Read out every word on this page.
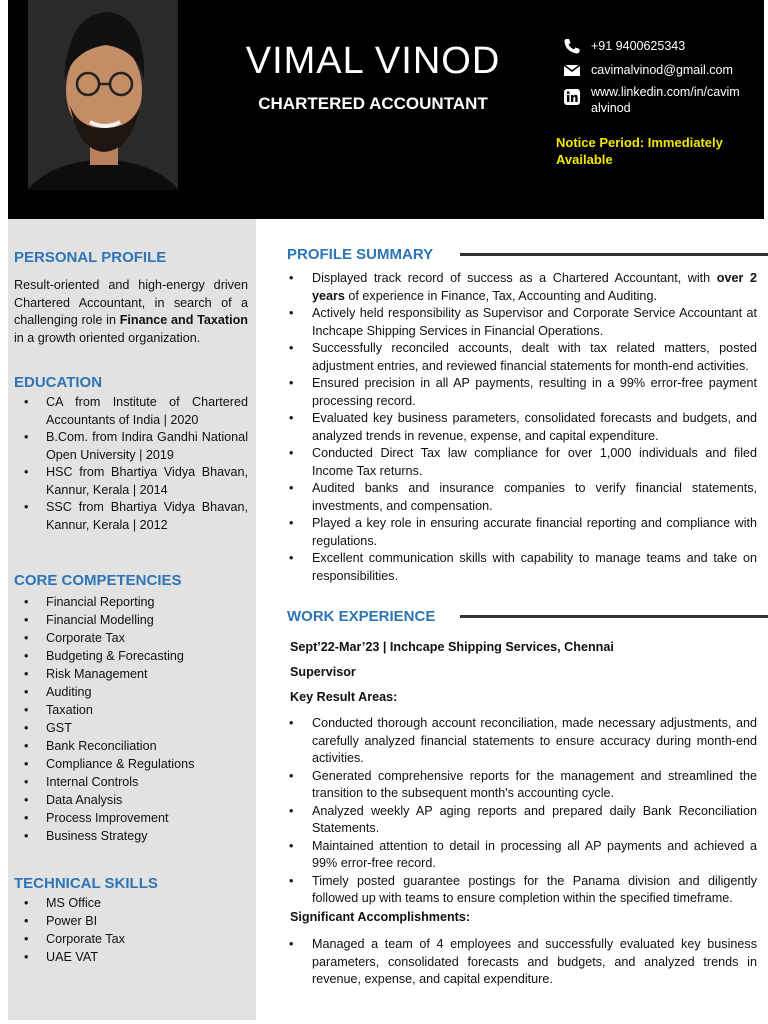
VIMAL VINOD
CHARTERED ACCOUNTANT
+91 9400625343
cavimalvinod@gmail.com
www.linkedin.com/in/cavim
alvinod
Notice Period: Immediately
Available
PERSONAL PROFILE
Result-oriented and high-energy driven Chartered Accountant, in search of a challenging role in Finance and Taxation in a growth oriented organization.
EDUCATION
• CA from Institute of Chartered Accountants of India | 2020
• B.Com. from Indira Gandhi National Open University | 2019
• HSC from Bhartiya Vidya Bhavan, Kannur, Kerala | 2014
• SSC from Bhartiya Vidya Bhavan, Kannur, Kerala | 2012
CORE COMPETENCIES
• Financial Reporting
• Financial Modelling
• Corporate Tax
• Budgeting & Forecasting
• Risk Management
• Auditing
• Taxation
• GST
• Bank Reconciliation
• Compliance & Regulations
• Internal Controls
• Data Analysis
• Process Improvement
• Business Strategy
TECHNICAL SKILLS
• MS Office
• Power BI
• Corporate Tax
• UAE VAT
PROFILE SUMMARY
• Displayed track record of success as a Chartered Accountant, with over 2 years of experience in Finance, Tax, Accounting and Auditing.
• Actively held responsibility as Supervisor and Corporate Service Accountant at Inchcape Shipping Services in Financial Operations.
• Successfully reconciled accounts, dealt with tax related matters, posted adjustment entries, and reviewed financial statements for month-end activities.
• Ensured precision in all AP payments, resulting in a 99% error-free payment processing record.
• Evaluated key business parameters, consolidated forecasts and budgets, and analyzed trends in revenue, expense, and capital expenditure.
• Conducted Direct Tax law compliance for over 1,000 individuals and filed Income Tax returns.
• Audited banks and insurance companies to verify financial statements, investments, and compensation.
• Played a key role in ensuring accurate financial reporting and compliance with regulations.
• Excellent communication skills with capability to manage teams and take on responsibilities.
WORK EXPERIENCE
Sept’22-Mar’23 | Inchcape Shipping Services, Chennai
Supervisor
Key Result Areas:
• Conducted thorough account reconciliation, made necessary adjustments, and carefully analyzed financial statements to ensure accuracy during month-end activities.
• Generated comprehensive reports for the management and streamlined the transition to the subsequent month's accounting cycle.
• Analyzed weekly AP aging reports and prepared daily Bank Reconciliation Statements.
• Maintained attention to detail in processing all AP payments and achieved a 99% error-free record.
• Timely posted guarantee postings for the Panama division and diligently followed up with teams to ensure completion within the specified timeframe.
Significant Accomplishments:
• Managed a team of 4 employees and successfully evaluated key business parameters, consolidated forecasts and budgets, and analyzed trends in revenue, expense, and capital expenditure.
